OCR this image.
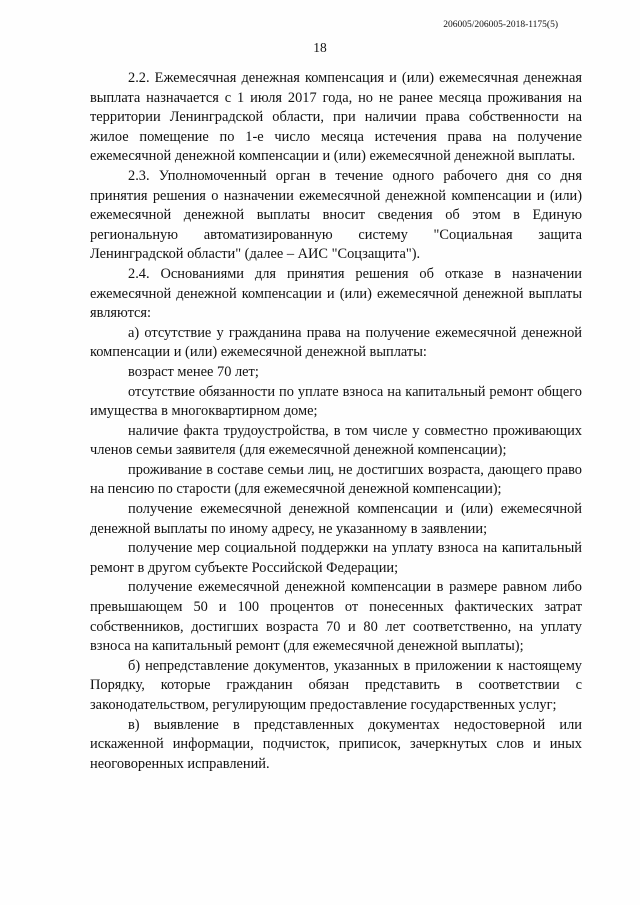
206005/206005-2018-1175(5)
18

2.2. Ежемесячная денежная компенсация и (или) ежемесячная денежная выплата назначается с 1 июля 2017 года, но не ранее месяца проживания на территории Ленинградской области, при наличии права собственности на жилое помещение по 1-е число месяца истечения права на получение ежемесячной денежной компенсации и (или) ежемесячной денежной выплаты.

2.3. Уполномоченный орган в течение одного рабочего дня со дня принятия решения о назначении ежемесячной денежной компенсации и (или) ежемесячной денежной выплаты вносит сведения об этом в Единую региональную автоматизированную систему "Социальная защита Ленинградской области" (далее – АИС "Соцзащита").

2.4. Основаниями для принятия решения об отказе в назначении ежемесячной денежной компенсации и (или) ежемесячной денежной выплаты являются:

а) отсутствие у гражданина права на получение ежемесячной денежной компенсации и (или) ежемесячной денежной выплаты:

возраст менее 70 лет;

отсутствие обязанности по уплате взноса на капитальный ремонт общего имущества в многоквартирном доме;

наличие факта трудоустройства, в том числе у совместно проживающих членов семьи заявителя (для ежемесячной денежной компенсации);

проживание в составе семьи лиц, не достигших возраста, дающего право на пенсию по старости (для ежемесячной денежной компенсации);

получение ежемесячной денежной компенсации и (или) ежемесячной денежной выплаты по иному адресу, не указанному в заявлении;

получение мер социальной поддержки на уплату взноса на капитальный ремонт в другом субъекте Российской Федерации;

получение ежемесячной денежной компенсации в размере равном либо превышающем 50 и 100 процентов от понесенных фактических затрат собственников, достигших возраста 70 и 80 лет соответственно, на уплату взноса на капитальный ремонт (для ежемесячной денежной выплаты);

б) непредставление документов, указанных в приложении к настоящему Порядку, которые гражданин обязан представить в соответствии с законодательством, регулирующим предоставление государственных услуг;

в) выявление в представленных документах недостоверной или искаженной информации, подчисток, приписок, зачеркнутых слов и иных неоговоренных исправлений.
